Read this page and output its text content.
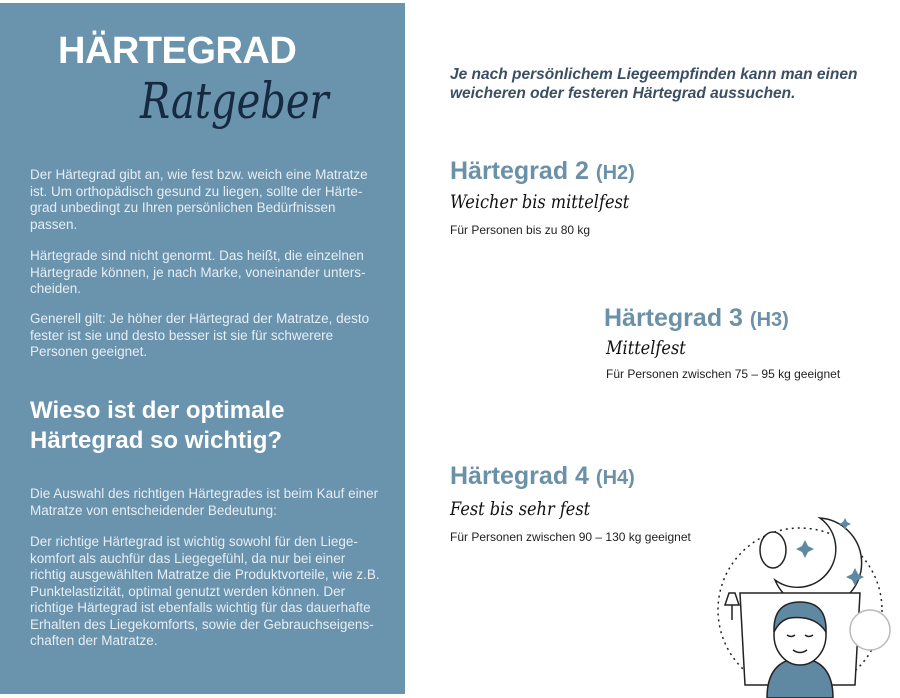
HÄRTEGRAD
Ratgeber
Der Härtegrad gibt an, wie fest bzw. weich eine Matratze ist. Um orthopädisch gesund zu liegen, sollte der Härte-grad unbedingt zu Ihren persönlichen Bedürfnissen passen.
Härtegrade sind nicht genormt. Das heißt, die einzelnen Härtegrade können, je nach Marke, voneinander unters-cheiden.
Generell gilt: Je höher der Härtegrad der Matratze, desto fester ist sie und desto besser ist sie für schwerere Personen geeignet.
Wieso ist der optimale Härtegrad so wichtig?
Die Auswahl des richtigen Härtegrades ist beim Kauf einer Matratze von entscheidender Bedeutung:
Der richtige Härtegrad ist wichtig sowohl für den Liege-komfort als auchfür das Liegegefühl, da nur bei einer richtig ausgewählten Matratze die Produktvorteile, wie z.B. Punktelastizität, optimal genutzt werden können. Der richtige Härtegrad ist ebenfalls wichtig für das dauerhafte Erhalten des Liegekomforts, sowie der Gebrauchseigens-chaften der Matratze.
Je nach persönlichem Liegeempfinden kann man einen weicheren oder festeren Härtegrad aussuchen.
Härtegrad 2 (H2)
Weicher bis mittelfest
Für Personen bis zu 80 kg
Härtegrad 3 (H3)
Mittelfest
Für Personen zwischen 75 – 95 kg geeignet
Härtegrad 4 (H4)
Fest bis sehr fest
Für Personen zwischen 90 – 130 kg geeignet
